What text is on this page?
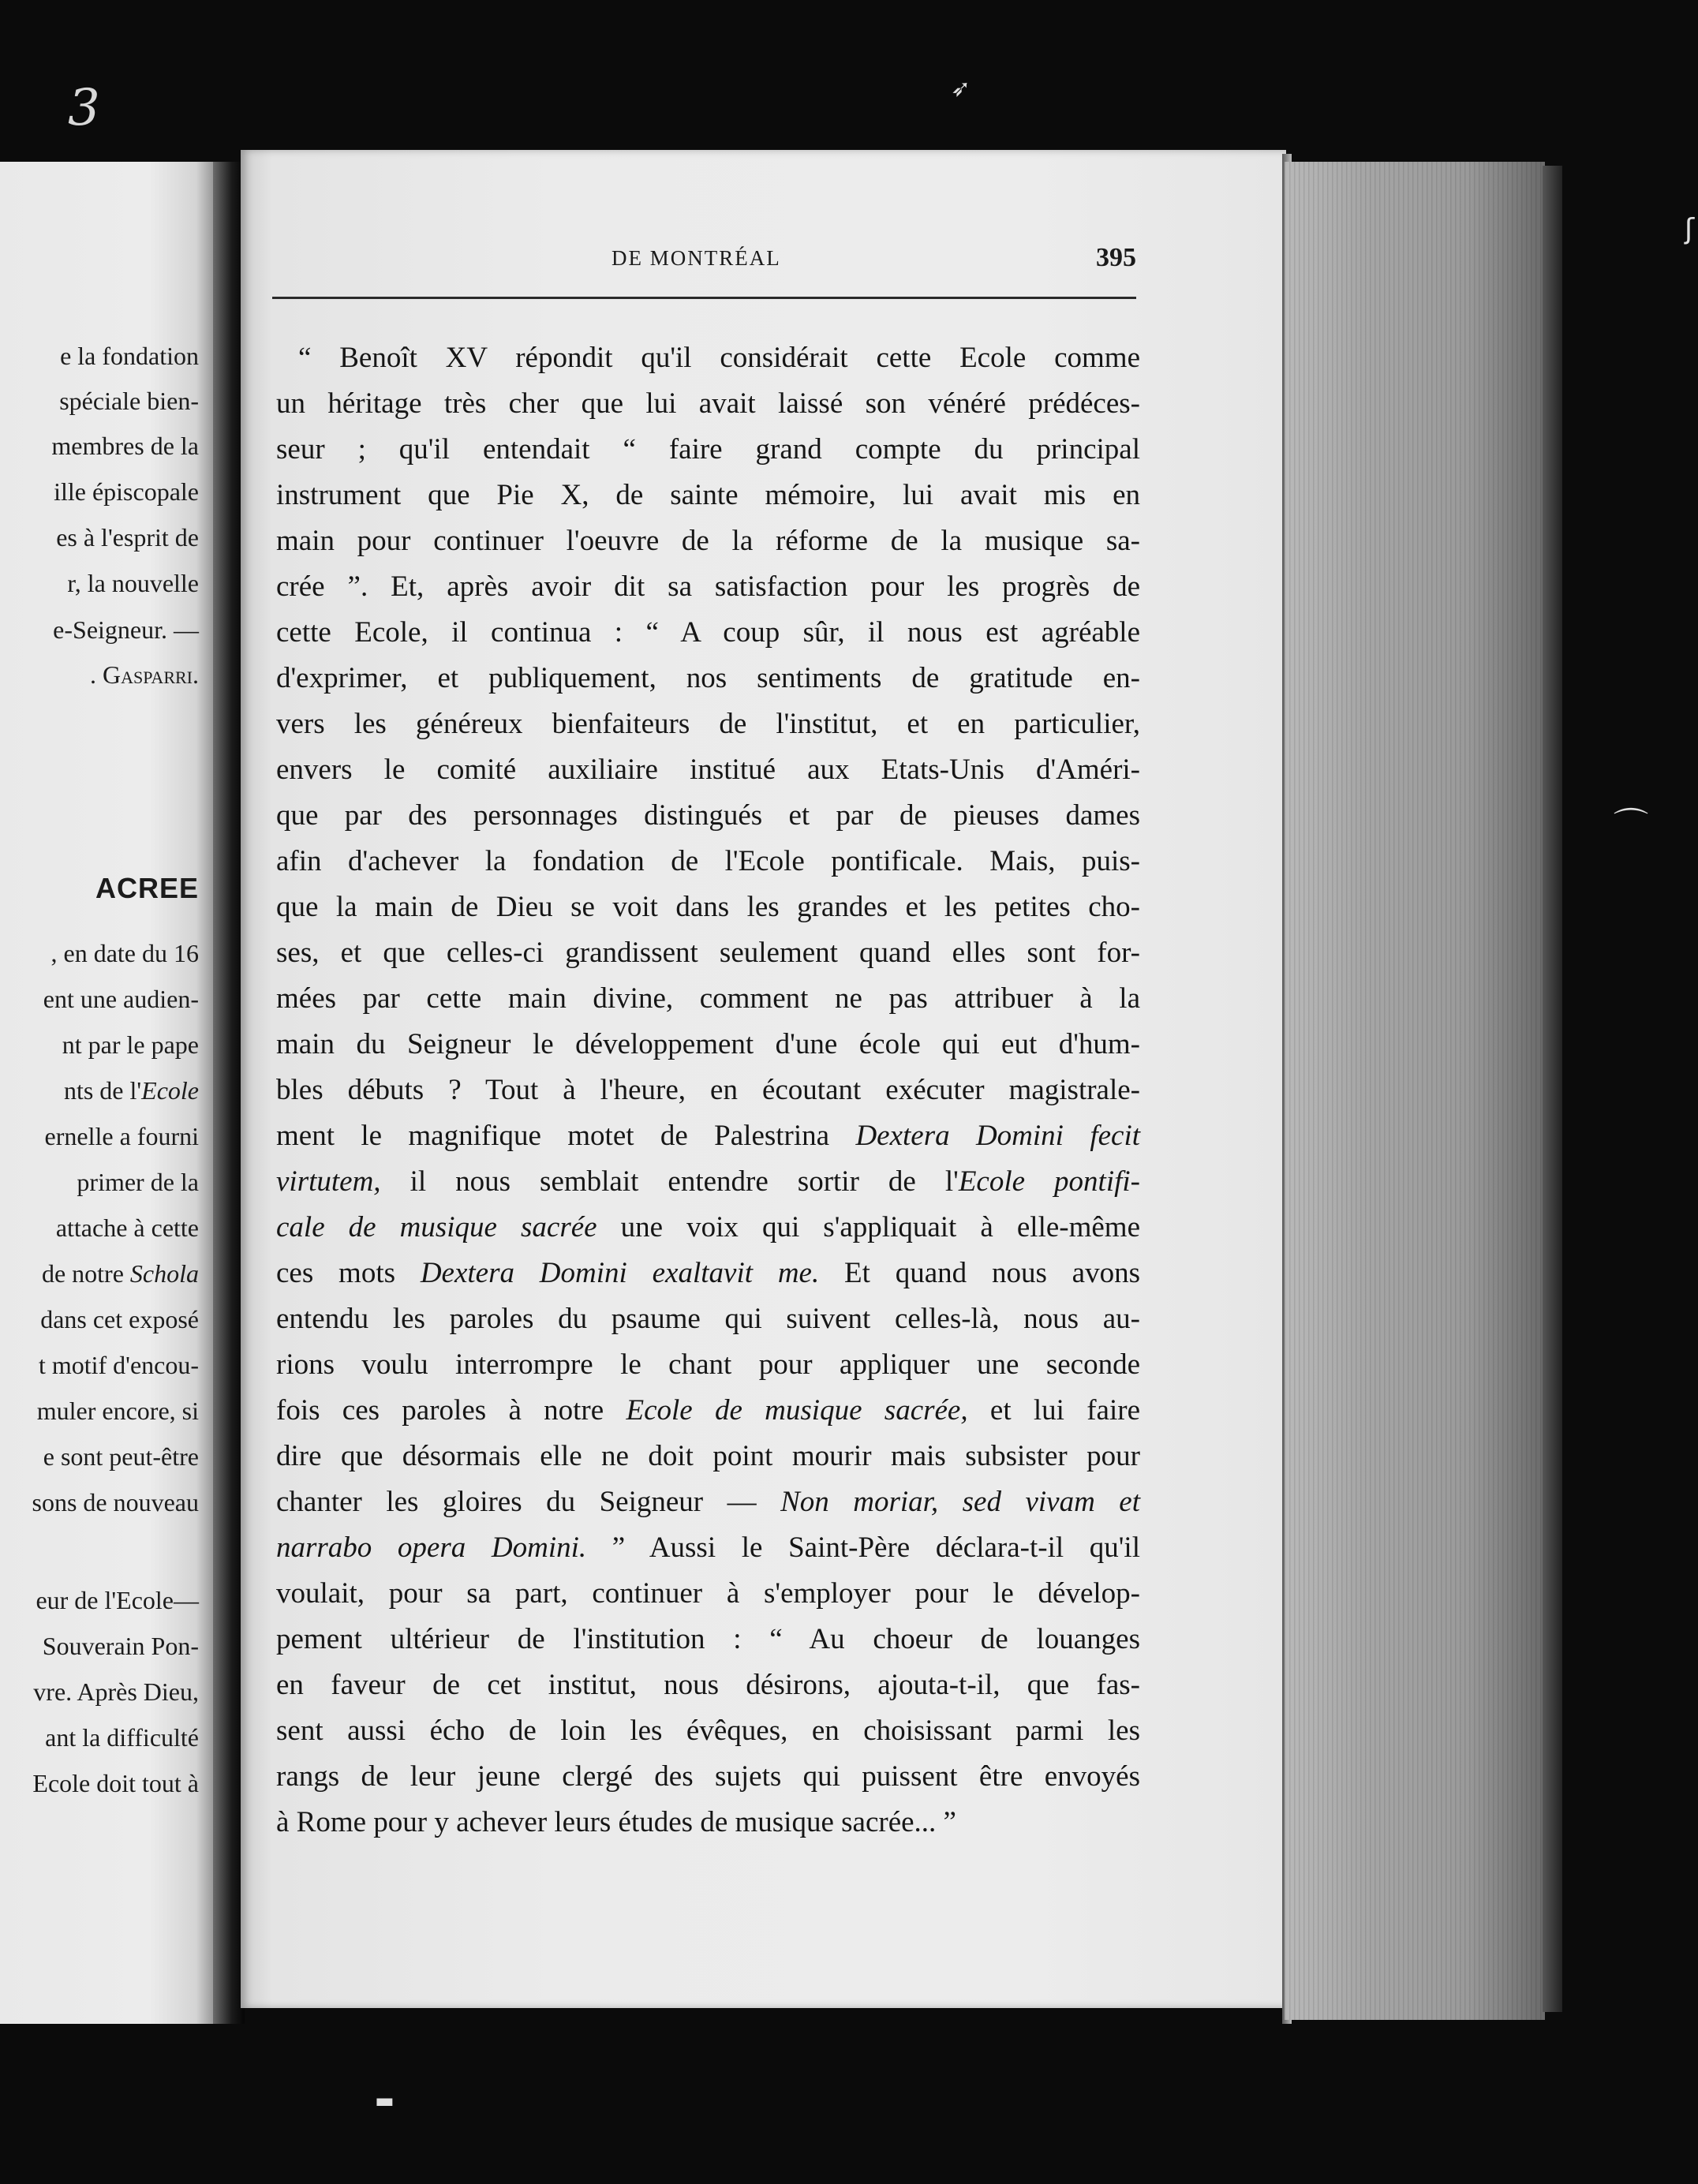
3
e la fondation
spéciale bien-
membres de la
ille épiscopale
es à l'esprit de
r, la nouvelle
e-Seigneur. —
. Gasparri.
ACREE
, en date du 16
ent une audien-
nt par le pape
nts de l'Ecole
ernelle a fourni
primer de la
attache à cette
de notre Schola
dans cet exposé
t motif d'encou-
muler encore, si
e sont peut-être
sons de nouveau
eur de l'Ecole—
Souverain Pon-
vre. Après Dieu,
ant la difficulté
Ecole doit tout à
DE MONTRÉAL	395
“ Benoît XV répondit qu'il considérait cette Ecole comme
un héritage très cher que lui avait laissé son vénéré prédéces-
seur ; qu'il entendait “ faire grand compte du principal
instrument que Pie X, de sainte mémoire, lui avait mis en
main pour continuer l'oeuvre de la réforme de la musique sa-
crée ”. Et, après avoir dit sa satisfaction pour les progrès de
cette Ecole, il continua : “ A coup sûr, il nous est agréable
d'exprimer, et publiquement, nos sentiments de gratitude en-
vers les généreux bienfaiteurs de l'institut, et en particulier,
envers le comité auxiliaire institué aux Etats-Unis d'Améri-
que par des personnages distingués et par de pieuses dames
afin d'achever la fondation de l'Ecole pontificale. Mais, puis-
que la main de Dieu se voit dans les grandes et les petites cho-
ses, et que celles-ci grandissent seulement quand elles sont for-
mées par cette main divine, comment ne pas attribuer à la
main du Seigneur le développement d'une école qui eut d'hum-
bles débuts ? Tout à l'heure, en écoutant exécuter magistrale-
ment le magnifique motet de Palestrina Dextera Domini fecit
virtutem, il nous semblait entendre sortir de l'Ecole pontifi-
cale de musique sacrée une voix qui s'appliquait à elle-même
ces mots Dextera Domini exaltavit me. Et quand nous avons
entendu les paroles du psaume qui suivent celles-là, nous au-
rions voulu interrompre le chant pour appliquer une seconde
fois ces paroles à notre Ecole de musique sacrée, et lui faire
dire que désormais elle ne doit point mourir mais subsister pour
chanter les gloires du Seigneur — Non moriar, sed vivam et
narrabo opera Domini. ” Aussi le Saint-Père déclara-t-il qu'il
voulait, pour sa part, continuer à s'employer pour le dévelop-
pement ultérieur de l'institution : “ Au choeur de louanges
en faveur de cet institut, nous désirons, ajouta-t-il, que fas-
sent aussi écho de loin les évêques, en choisissant parmi les
rangs de leur jeune clergé des sujets qui puissent être envoyés
à Rome pour y achever leurs études de musique sacrée... ”
➶
⌒
ʃ
▬
